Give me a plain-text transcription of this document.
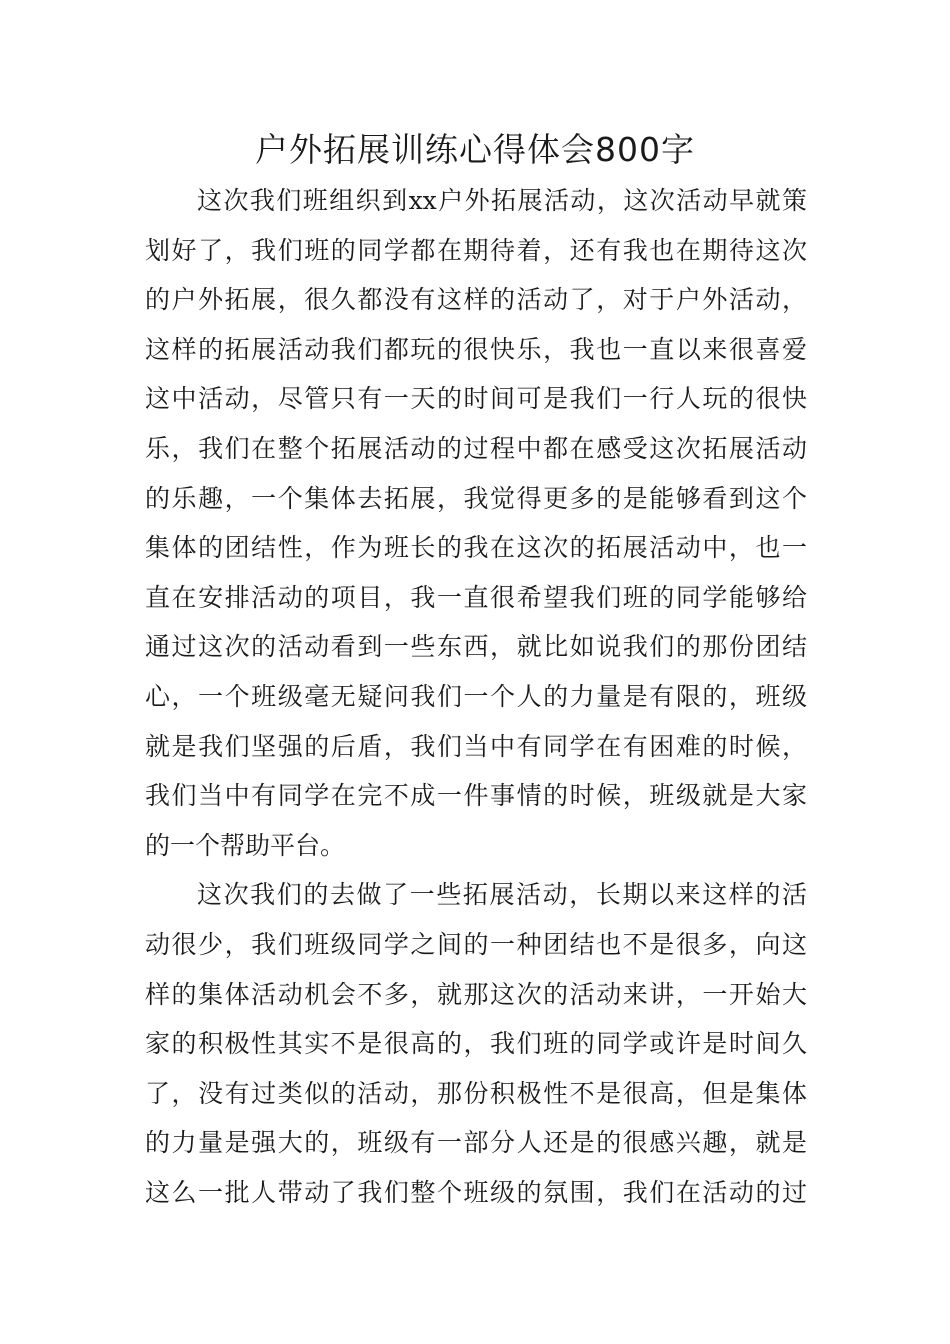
户外拓展训练心得体会800字
这次我们班组织到xx户外拓展活动，这次活动早就策
划好了，我们班的同学都在期待着，还有我也在期待这次
的户外拓展，很久都没有这样的活动了，对于户外活动，
这样的拓展活动我们都玩的很快乐，我也一直以来很喜爱
这中活动，尽管只有一天的时间可是我们一行人玩的很快
乐，我们在整个拓展活动的过程中都在感受这次拓展活动
的乐趣，一个集体去拓展，我觉得更多的是能够看到这个
集体的团结性，作为班长的我在这次的拓展活动中，也一
直在安排活动的项目，我一直很希望我们班的同学能够给
通过这次的活动看到一些东西，就比如说我们的那份团结
心，一个班级毫无疑问我们一个人的力量是有限的，班级
就是我们坚强的后盾，我们当中有同学在有困难的时候，
我们当中有同学在完不成一件事情的时候，班级就是大家
的一个帮助平台。
这次我们的去做了一些拓展活动，长期以来这样的活
动很少，我们班级同学之间的一种团结也不是很多，向这
样的集体活动机会不多，就那这次的活动来讲，一开始大
家的积极性其实不是很高的，我们班的同学或许是时间久
了，没有过类似的活动，那份积极性不是很高，但是集体
的力量是强大的，班级有一部分人还是的很感兴趣，就是
这么一批人带动了我们整个班级的氛围，我们在活动的过
